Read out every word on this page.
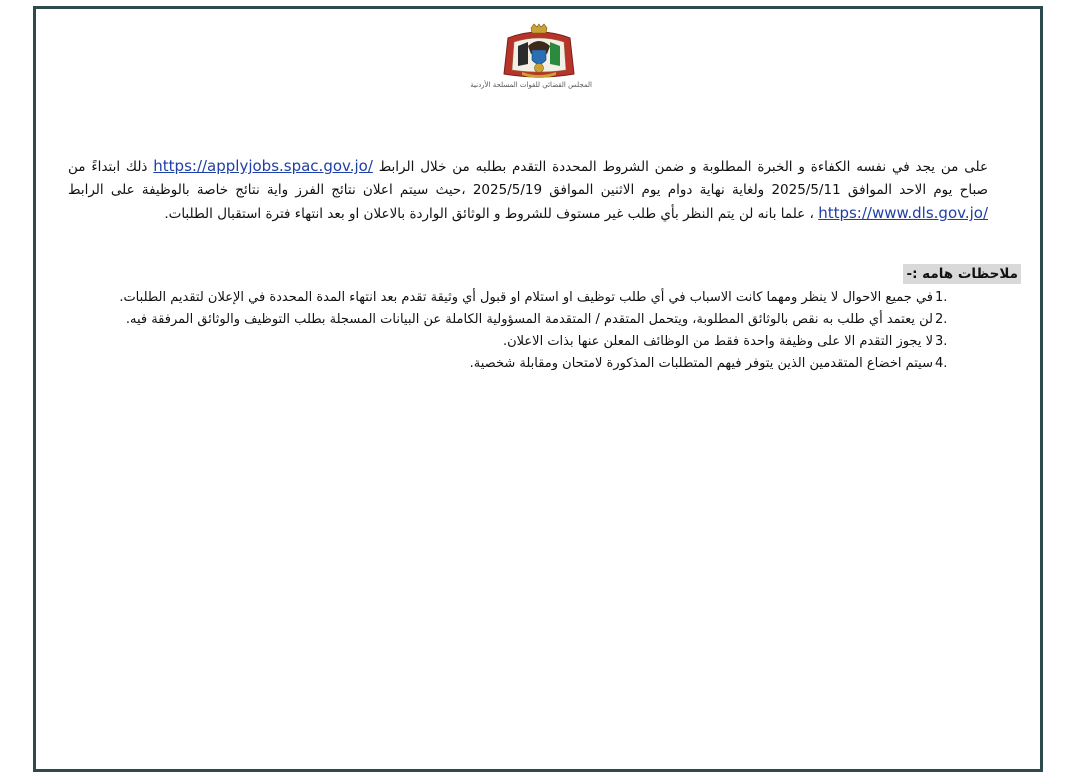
المجلس القضائي للقوات المسلحة الأردنية

على من يجد في نفسه الكفاءة و الخبرة المطلوبة و ضمن الشروط المحددة التقدم بطلبه من خلال الرابط https://applyjobs.spac.gov.jo/ ذلك ابتداءً من صباح يوم الاحد الموافق 2025/5/11 ولغاية نهاية دوام يوم الاثنين الموافق 2025/5/19 ،حيث سيتم اعلان نتائج الفرز واية نتائج خاصة بالوظيفة على الرابط https://www.dls.gov.jo/ ، علما بانه لن يتم النظر بأي طلب غير مستوف للشروط و الوثائق الواردة بالاعلان او بعد انتهاء فترة استقبال الطلبات.

ملاحظات هامه :-
1.
في جميع الاحوال لا ينظر ومهما كانت الاسباب في أي طلب توظيف او استلام او قبول أي وثيقة تقدم بعد انتهاء المدة المحددة في الإعلان لتقديم الطلبات.
2.
لن يعتمد أي طلب به نقص بالوثائق المطلوبة، ويتحمل المتقدم / المتقدمة المسؤولية الكاملة عن البيانات المسجلة بطلب التوظيف والوثائق المرفقة فيه.
3.
لا يجوز التقدم الا على وظيفة واحدة فقط من الوظائف المعلن عنها بذات الاعلان.
4.
سيتم اخضاع المتقدمين الذين يتوفر فيهم المتطلبات المذكورة لامتحان ومقابلة شخصية.
